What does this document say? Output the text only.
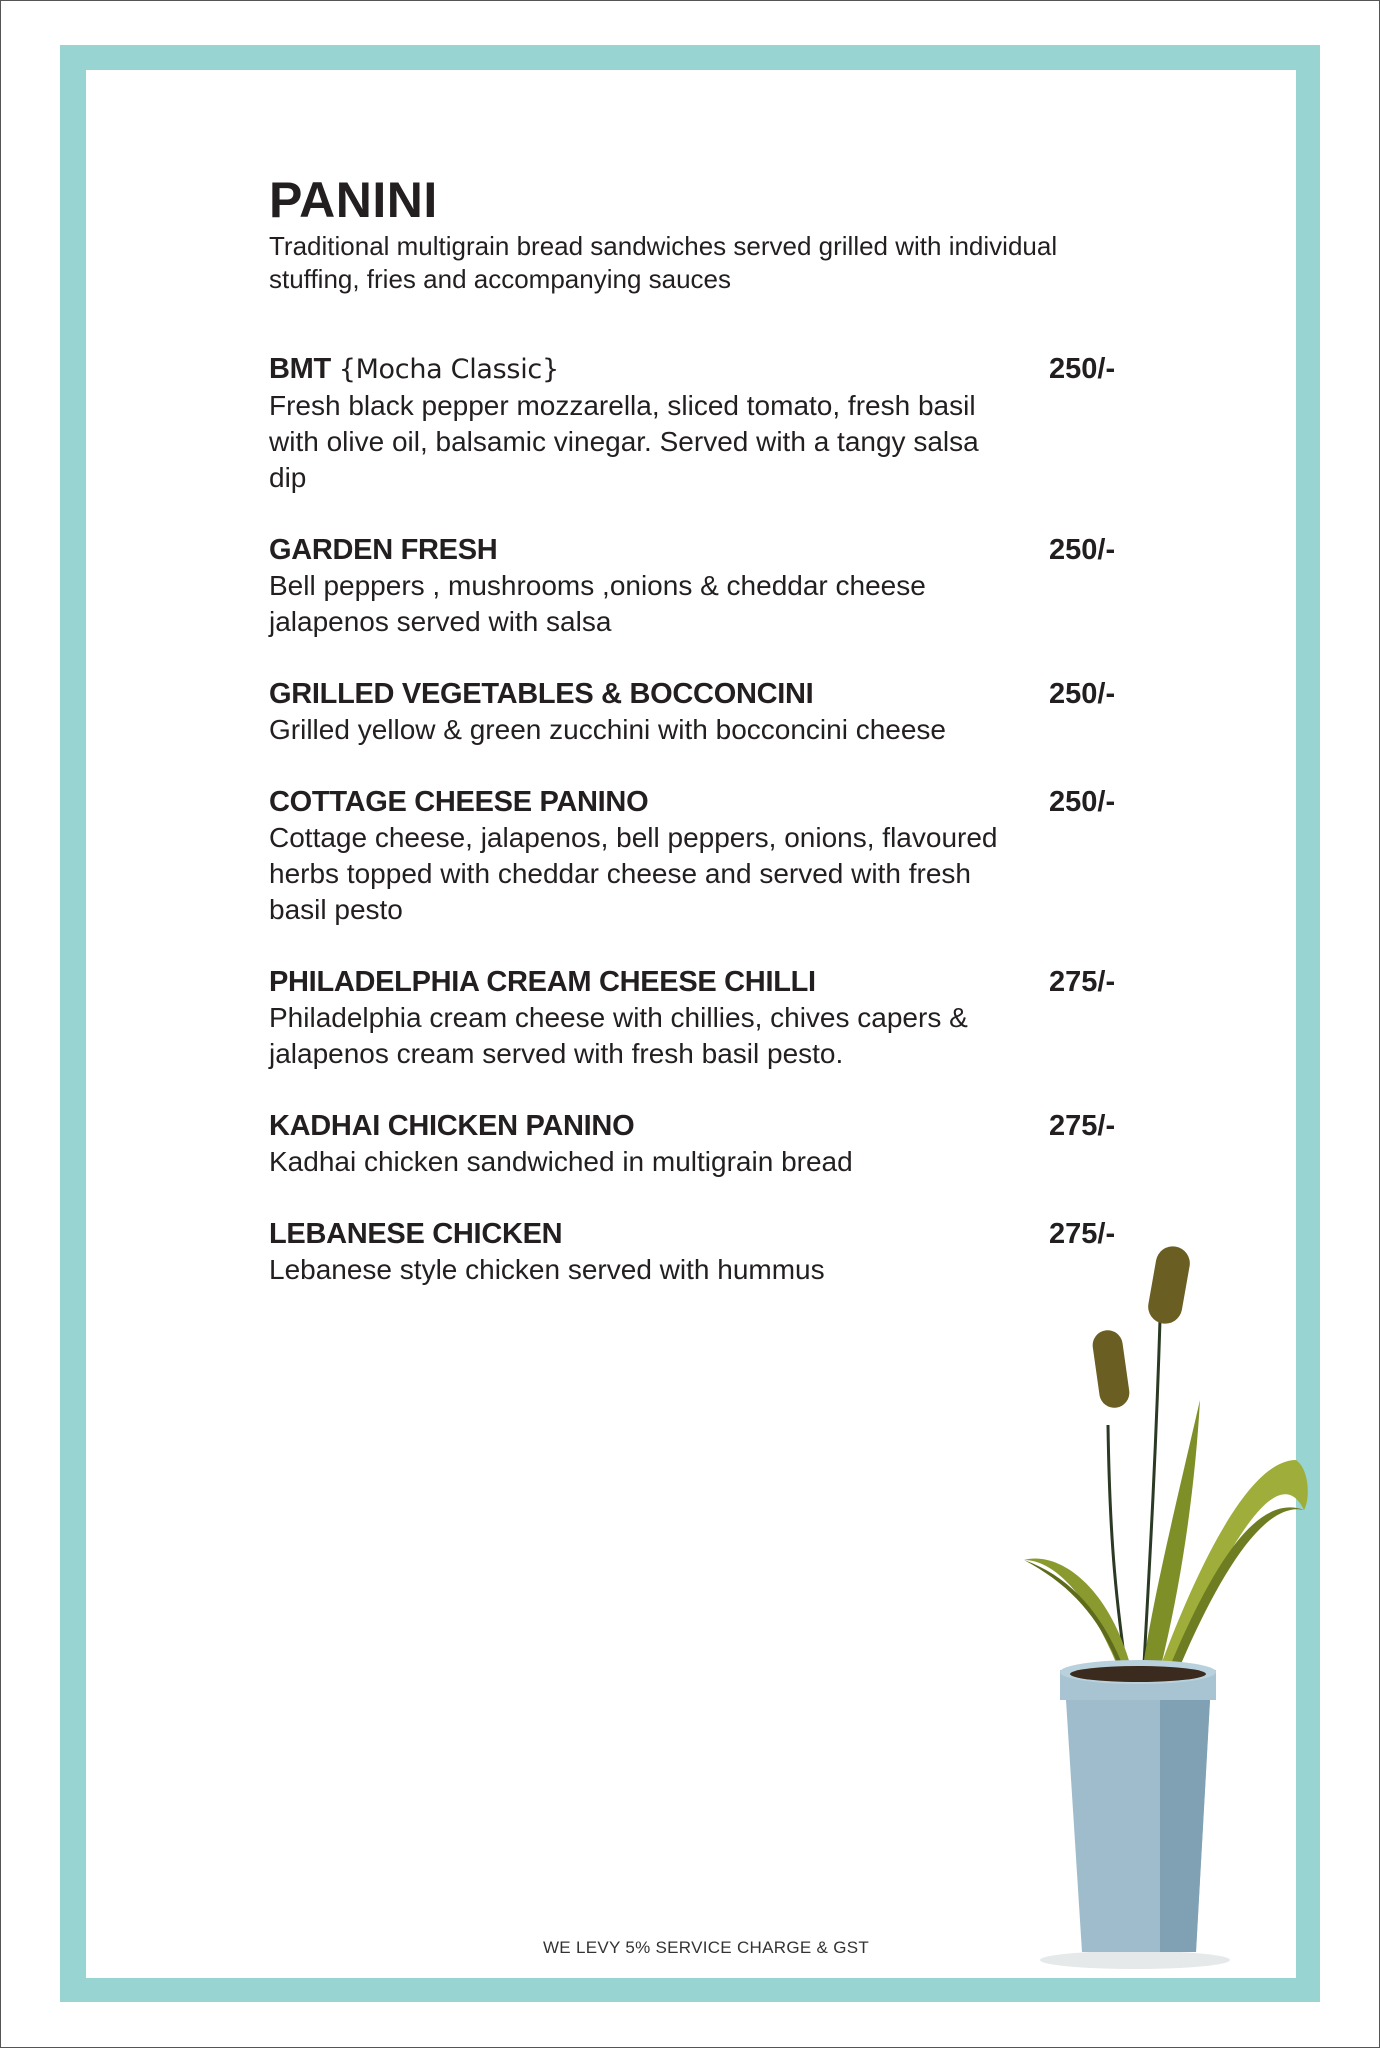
PANINI
Traditional multigrain bread sandwiches served grilled with individual stuffing, fries and accompanying sauces
BMT {Mocha Classic}	250/-
Fresh black pepper mozzarella, sliced tomato, fresh basil with olive oil, balsamic vinegar. Served with a tangy salsa dip
GARDEN FRESH	250/-
Bell peppers , mushrooms ,onions & cheddar cheese jalapenos served with salsa
GRILLED VEGETABLES & BOCCONCINI	250/-
Grilled yellow & green zucchini with bocconcini cheese
COTTAGE CHEESE PANINO	250/-
Cottage cheese, jalapenos, bell peppers, onions, flavoured herbs topped with cheddar cheese and served with fresh basil pesto
PHILADELPHIA CREAM CHEESE CHILLI	275/-
Philadelphia cream cheese with chillies, chives capers & jalapenos cream served with fresh basil pesto.
KADHAI CHICKEN PANINO	275/-
Kadhai chicken sandwiched in multigrain bread
LEBANESE CHICKEN	275/-
Lebanese style chicken served with hummus
WE LEVY 5% SERVICE CHARGE & GST
